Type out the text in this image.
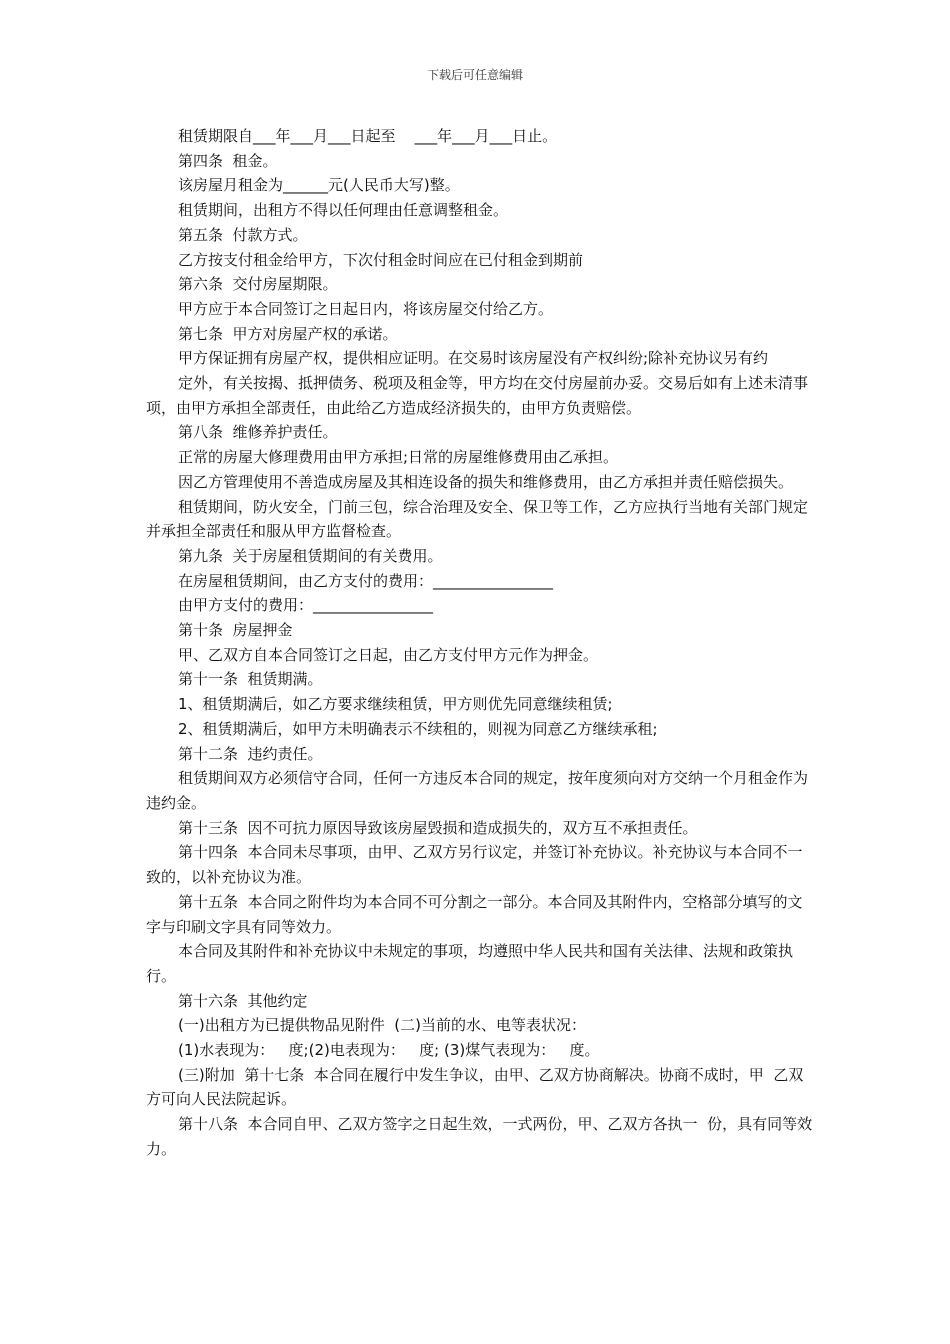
下载后可任意编辑

租赁期限自___年___月___日起至    ___年___月___日止。

第四条  租金。

该房屋月租金为______元(人民币大写)整。

租赁期间，出租方不得以任何理由任意调整租金。

第五条  付款方式。

乙方按支付租金给甲方，下次付租金时间应在已付租金到期前

第六条  交付房屋期限。

甲方应于本合同签订之日起日内，将该房屋交付给乙方。

第七条  甲方对房屋产权的承诺。

甲方保证拥有房屋产权，提供相应证明。在交易时该房屋没有产权纠纷;除补充协议另有约

定外，有关按揭、抵押债务、税项及租金等，甲方均在交付房屋前办妥。交易后如有上述未清事项，由甲方承担全部责任，由此给乙方造成经济损失的，由甲方负责赔偿。

第八条  维修养护责任。

正常的房屋大修理费用由甲方承担;日常的房屋维修费用由乙承担。

因乙方管理使用不善造成房屋及其相连设备的损失和维修费用，由乙方承担并责任赔偿损失。

租赁期间，防火安全，门前三包，综合治理及安全、保卫等工作，乙方应执行当地有关部门规定并承担全部责任和服从甲方监督检查。

第九条  关于房屋租赁期间的有关费用。

在房屋租赁期间，由乙方支付的费用：________________

由甲方支付的费用：________________

第十条  房屋押金

甲、乙双方自本合同签订之日起，由乙方支付甲方元作为押金。

第十一条  租赁期满。

1、租赁期满后，如乙方要求继续租赁，甲方则优先同意继续租赁;

2、租赁期满后，如甲方未明确表示不续租的，则视为同意乙方继续承租;

第十二条  违约责任。

租赁期间双方必须信守合同，任何一方违反本合同的规定，按年度须向对方交纳一个月租金作为违约金。

第十三条  因不可抗力原因导致该房屋毁损和造成损失的，双方互不承担责任。

第十四条  本合同未尽事项，由甲、乙双方另行议定，并签订补充协议。补充协议与本合同不一致的，以补充协议为准。

第十五条  本合同之附件均为本合同不可分割之一部分。本合同及其附件内，空格部分填写的文字与印刷文字具有同等效力。

本合同及其附件和补充协议中未规定的事项，均遵照中华人民共和国有关法律、法规和政策执行。

第十六条  其他约定

(一)出租方为已提供物品见附件  (二)当前的水、电等表状况：

(1)水表现为：   度;(2)电表现为：   度; (3)煤气表现为：   度。

(三)附加  第十七条  本合同在履行中发生争议，由甲、乙双方协商解决。协商不成时，甲  乙双方可向人民法院起诉。

第十八条  本合同自甲、乙双方签字之日起生效，一式两份，甲、乙双方各执一  份，具有同等效力。
